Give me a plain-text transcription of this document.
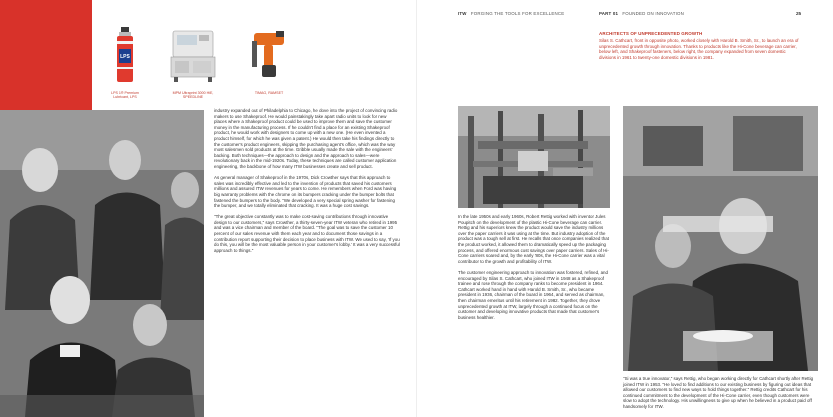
LPS
LPS 1® Premium
Lubricant, LPS
MPM Ultraprint 3000 HiE,
SPEEDLINE
TIMAG, RAMSET

industry expanded out of Philadelphia to Chicago, he dove into the project of convincing radio makers to use Shakeproof. He would painstakingly take apart radio units to look for new places where a Shakeproof product could be used to improve them and save the customer money in the manufacturing process. If he couldn't find a place for an existing Shakeproof product, he would work with designers to come up with a new one. (He even invented a product himself, for which he was given a patent.) He would then take his findings directly to the customer's product engineers, skipping the purchasing agent's office, which was the way most salesmen sold products at the time. Gribble usually made the sale with the engineers' backing. Both techniques—the approach to design and the approach to sales—were revolutionary back in the mid-1920s. Today, these techniques are called customer application engineering, the backbone of how many ITW businesses create and sell product.

As general manager of Shakeproof in the 1970s, Dick Crowther says that this approach to sales was incredibly effective and led to the invention of products that saved his customers millions and assured ITW revenues for years to come. He remembers when Ford was having big warranty problems with the chrome on its bumpers cracking under the bumper bolts that fastened the bumpers to the body. "We developed a very special spring washer for fastening the bumper, and we totally eliminated that cracking. It was a huge cost savings.

"The great objective constantly was to make cost-saving contributions through innovative design to our customers," says Crowther, a thirty-seven-year ITW veteran who retired in 1995 and was a vice chairman and member of the board. "The goal was to save the customer 10 percent of our sales revenue with them each year and to document those savings in a contribution report supporting their decision to place business with ITW. We used to say, 'If you do this, you will be the most valuable person in your customer's lobby.' It was a very successful approach to things."

ITW FORGING THE TOOLS FOR EXCELLENCE	PART 01 FOUNDED ON INNOVATION	25
ARCHITECTS OF UNPRECEDENTED GROWTH
Silas S. Cathcart, front in opposite photo, worked closely with Harold B. Smith, Sr., to launch an era of unprecedented growth through innovation. Thanks to products like the Hi-Cone beverage can carrier, below left, and Shakeproof fasteners, below right, the company expanded from seven domestic divisions in 1961 to twenty-one domestic divisions in 1981.

In the late 1950s and early 1960s, Robert Rettig worked with inventor Jules Poupitch on the development of the plastic Hi-Cone beverage can carrier. Rettig and his superiors knew the product would save the industry millions over the paper carriers it was using at the time. But industry adoption of the product was a tough sell at first. He recalls that once companies realized that the product worked, it allowed them to dramatically speed up the packaging process, and offered enormous cost savings over paper carriers. Sales of Hi-Cone carriers soared and, by the early '80s, the Hi-Cone carrier was a vital contributor to the growth and profitability of ITW.

The customer engineering approach to innovation was fostered, refined, and encouraged by Silas S. Cathcart, who joined ITW in 1948 as a Shakeproof trainee and rose through the company ranks to become president in 1964. Cathcart worked hand in hand with Harold B. Smith, Sr., who became president in 1936, chairman of the board in 1964, and served as chairman, then chairman emeritus until his retirement in 1982. Together, they drove unprecedented growth at ITW, largely through a continued focus on the customer and developing innovative products that made that customer's business healthier.

"Si was a true innovator," says Rettig, who began working directly for Cathcart shortly after Rettig joined ITW in 1953. "He loved to find additions to our existing business by figuring out ideas that allowed our customers to find new ways to hold things together." Rettig credits Cathcart for his continued commitment to the development of the Hi-Cone carrier, even though customers were slow to adopt the technology. His unwillingness to give up when he believed in a product paid off handsomely for ITW.
